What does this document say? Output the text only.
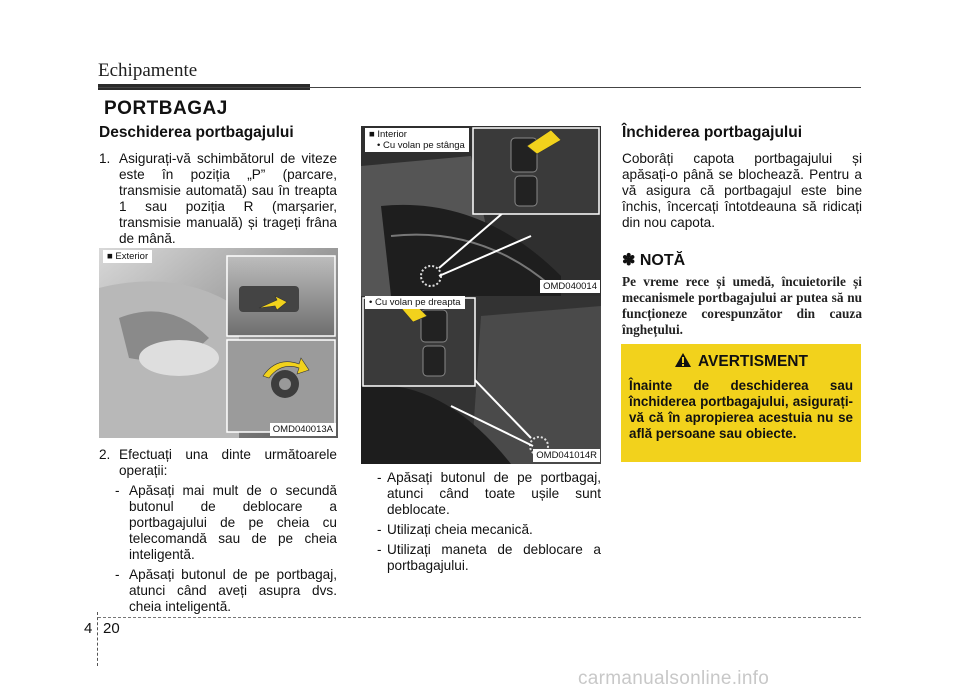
Echipamente
PORTBAGAJ
Deschiderea portbagajului
1. Asigurați-vă schimbătorul de viteze este în poziția „P” (parcare, transmisie automată) sau în treapta 1 sau poziția R (marșarier, transmisie manuală) și trageți frâna de mână.
■ Exterior
OMD040013A
2. Efectuați una dinte următoarele operații:
- Apăsați mai mult de o secundă butonul de deblocare a portbagajului de pe cheia cu telecomandă sau de pe cheia inteligentă.
- Apăsați butonul de pe portbagaj, atunci când aveți asupra dvs. cheia inteligentă.
■ Interior
• Cu volan pe stânga
OMD040014
• Cu volan pe dreapta
OMD041014R
- Apăsați butonul de pe portbagaj, atunci când toate ușile sunt deblocate.
- Utilizați cheia mecanică.
- Utilizați maneta de deblocare a portbagajului.
Închiderea portbagajului
Coborâți capota portbagajului și apăsați-o până se blochează. Pentru a vă asigura că portbagajul este bine închis, încercați întotdeauna să ridicați din nou capota.
✽ NOTĂ
Pe vreme rece și umedă, încuietorile și mecanismele portbagajului ar putea să nu funcționeze corespunzător din cauza înghețului.
AVERTISMENT
Înainte de deschiderea sau închiderea portbagajului, asigurați-vă că în apropierea acestuia nu se află persoane sau obiecte.
4 20
carmanualsonline.info
